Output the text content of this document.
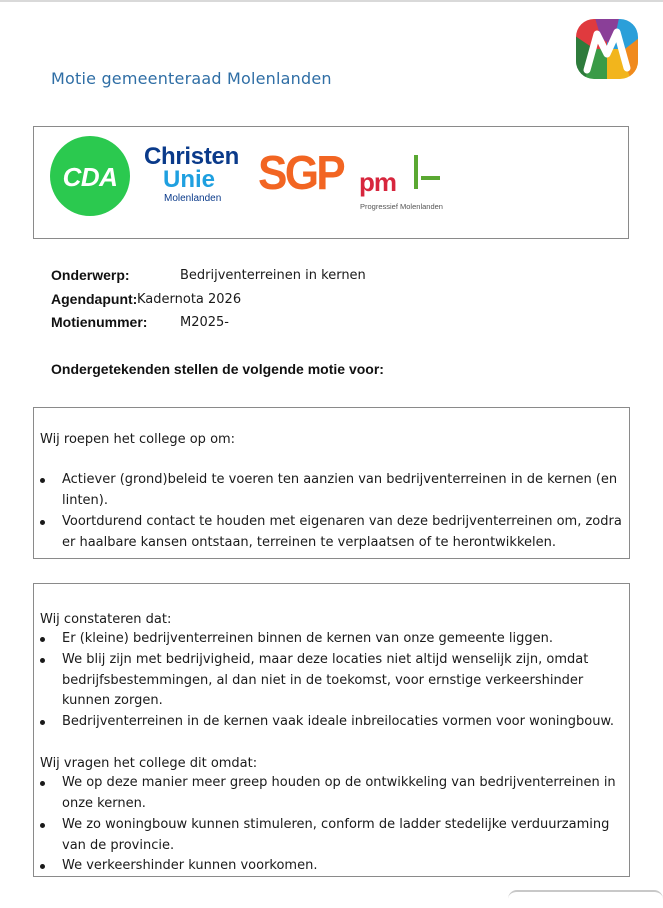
Motie gemeenteraad Molenlanden
CDA
Christen
Unie
Molenlanden SGP pm
Progressief Molenlanden
Onderwerp:	Bedrijventerreinen in kernen
Agendapunt: Kadernota 2026
Motienummer:	M2025-
Ondergetekenden stellen de volgende motie voor:

Wij roepen het college op om:

Actiever (grond)beleid te voeren ten aanzien van bedrijventerreinen in de kernen (en linten).
Voortdurend contact te houden met eigenaren van deze bedrijventerreinen om, zodra er haalbare kansen ontstaan, terreinen te verplaatsen of te herontwikkelen.

Wij constateren dat:

Er (kleine) bedrijventerreinen binnen de kernen van onze gemeente liggen.
We blij zijn met bedrijvigheid, maar deze locaties niet altijd wenselijk zijn, omdat bedrijfsbestemmingen, al dan niet in de toekomst, voor ernstige verkeershinder kunnen zorgen.
Bedrijventerreinen in de kernen vaak ideale inbreilocaties vormen voor woningbouw.

Wij vragen het college dit omdat:

We op deze manier meer greep houden op de ontwikkeling van bedrijventerreinen in onze kernen.
We zo woningbouw kunnen stimuleren, conform de ladder stedelijke verduurzaming van de provincie.
We verkeershinder kunnen voorkomen.
